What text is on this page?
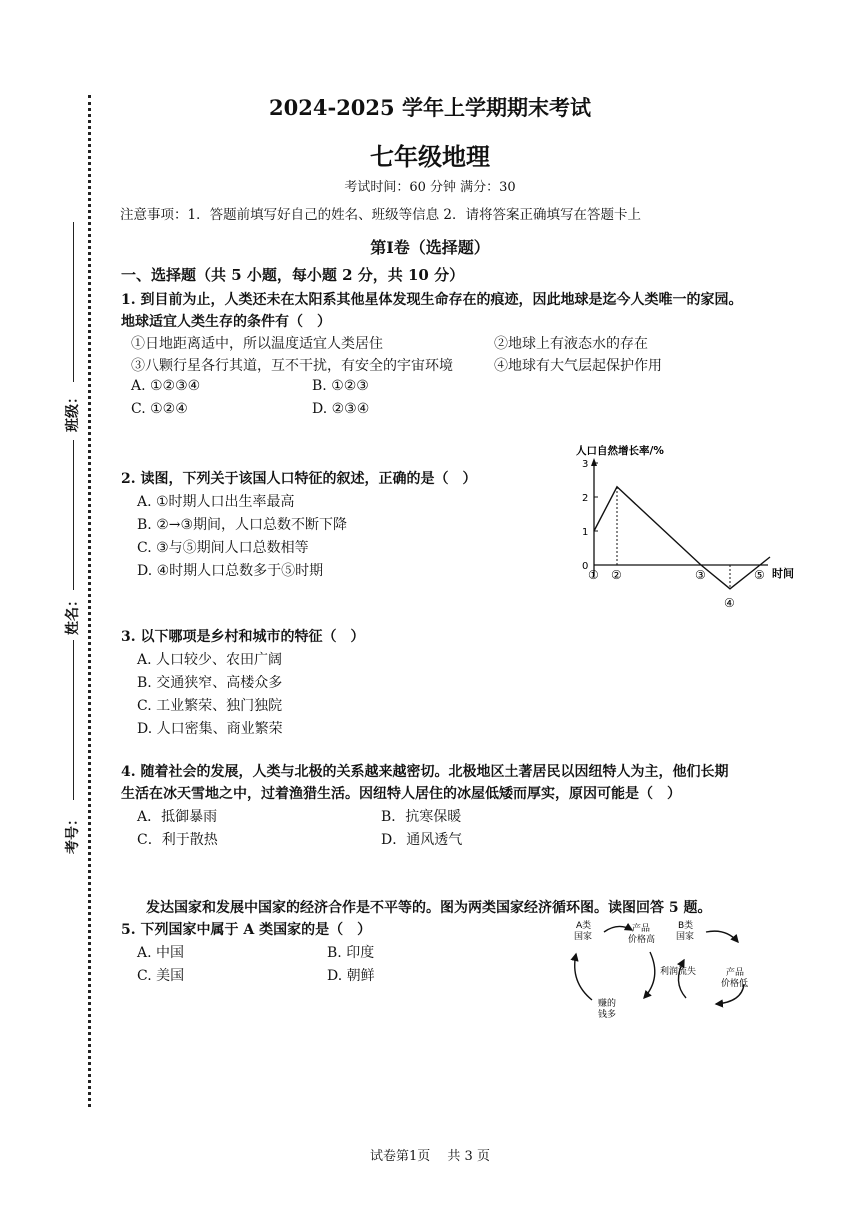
班级：
姓名：
考号：
2024-2025 学年上学期期末考试
七年级地理
考试时间：60 分钟 满分：30
注意事项：1．答题前填写好自己的姓名、班级等信息 2．请将答案正确填写在答题卡上
第Ⅰ卷（选择题）
一、选择题（共 5 小题，每小题 2 分，共 10 分）
1. 到目前为止，人类还未在太阳系其他星体发现生命存在的痕迹，因此地球是迄今人类唯一的家园。
地球适宜人类生存的条件有（　）
①日地距离适中，所以温度适宜人类居住	②地球上有液态水的存在
③八颗行星各行其道，互不干扰，有安全的宇宙环境	④地球有大气层起保护作用
A. ①②③④	B. ①②③
C. ①②④	D. ②③④
2. 读图，下列关于该国人口特征的叙述，正确的是（　）
A. ①时期人口出生率最高
B. ②→③期间，人口总数不断下降
C. ③与⑤期间人口总数相等
D. ④时期人口总数多于⑤时期
人口自然增长率/%
0
1
2
3
① ②	③
④
⑤ 时间
3. 以下哪项是乡村和城市的特征（　）
A. 人口较少、农田广阔
B. 交通狭窄、高楼众多
C. 工业繁荣、独门独院
D. 人口密集、商业繁荣
4. 随着社会的发展，人类与北极的关系越来越密切。北极地区土著居民以因纽特人为主，他们长期
生活在冰天雪地之中，过着渔猎生活。因纽特人居住的冰屋低矮而厚实，原因可能是（　）
A．抵御暴雨	B．抗寒保暖
C．利于散热	D．通风透气
发达国家和发展中国家的经济合作是不平等的。图为两类国家经济循环图。读图回答 5 题。
5. 下列国家中属于 A 类国家的是（　）
A. 中国	B. 印度
C. 美国	D. 朝鲜
A类
国家
产品
价格高
赚的
钱多
B类
国家
利润流失	产品
价格低
试卷第1页　 共 3 页
